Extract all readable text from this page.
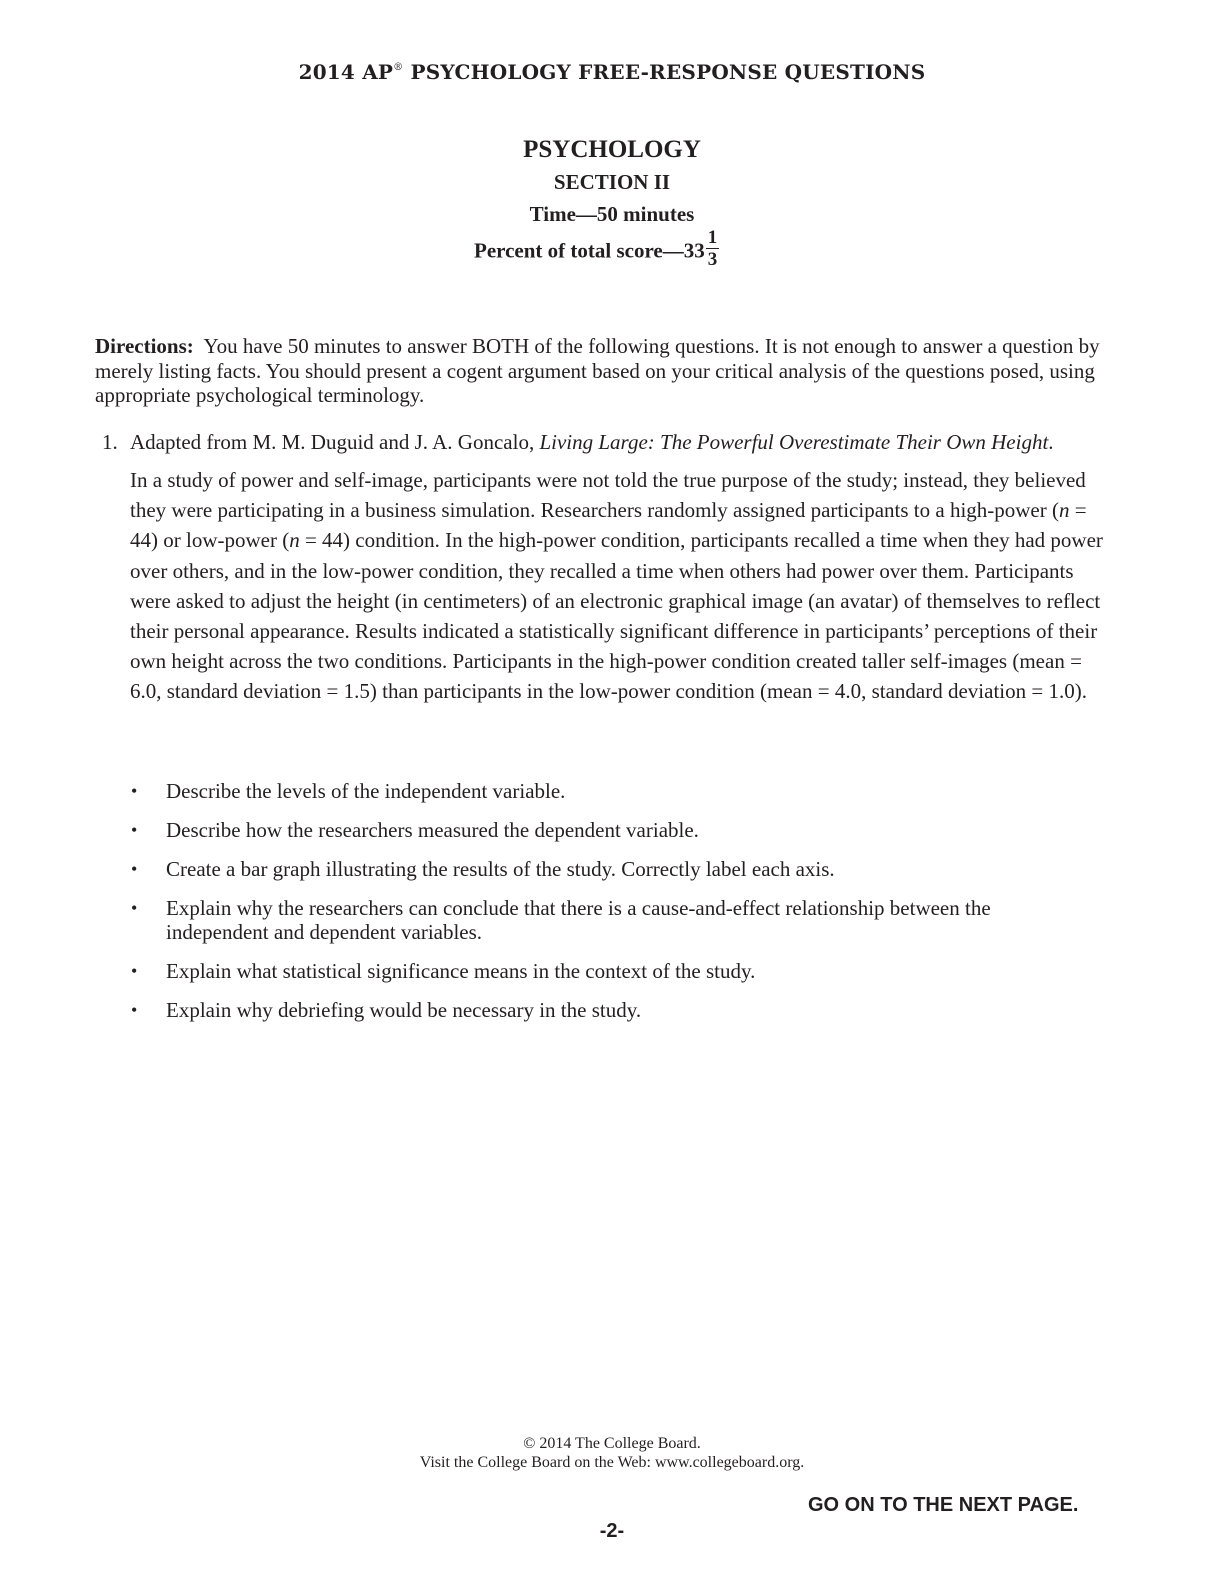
2014 AP® PSYCHOLOGY FREE-RESPONSE QUESTIONS
PSYCHOLOGY
SECTION II
Time—50 minutes
Percent of total score—33 $\frac{1}{3}$
Directions: You have 50 minutes to answer BOTH of the following questions. It is not enough to answer a question by merely listing facts. You should present a cogent argument based on your critical analysis of the questions posed, using appropriate psychological terminology.
1. Adapted from M. M. Duguid and J. A. Goncalo, Living Large: The Powerful Overestimate Their Own Height.
In a study of power and self-image, participants were not told the true purpose of the study; instead, they believed they were participating in a business simulation. Researchers randomly assigned participants to a high-power (n = 44) or low-power (n = 44) condition. In the high-power condition, participants recalled a time when they had power over others, and in the low-power condition, they recalled a time when others had power over them. Participants were asked to adjust the height (in centimeters) of an electronic graphical image (an avatar) of themselves to reflect their personal appearance. Results indicated a statistically significant difference in participants’ perceptions of their own height across the two conditions. Participants in the high-power condition created taller self-images (mean = 6.0, standard deviation = 1.5) than participants in the low-power condition (mean = 4.0, standard deviation = 1.0).
• Describe the levels of the independent variable.
• Describe how the researchers measured the dependent variable.
• Create a bar graph illustrating the results of the study. Correctly label each axis.
• Explain why the researchers can conclude that there is a cause-and-effect relationship between the independent and dependent variables.
• Explain what statistical significance means in the context of the study.
• Explain why debriefing would be necessary in the study.
© 2014 The College Board.
Visit the College Board on the Web: www.collegeboard.org.
GO ON TO THE NEXT PAGE.
-2-
